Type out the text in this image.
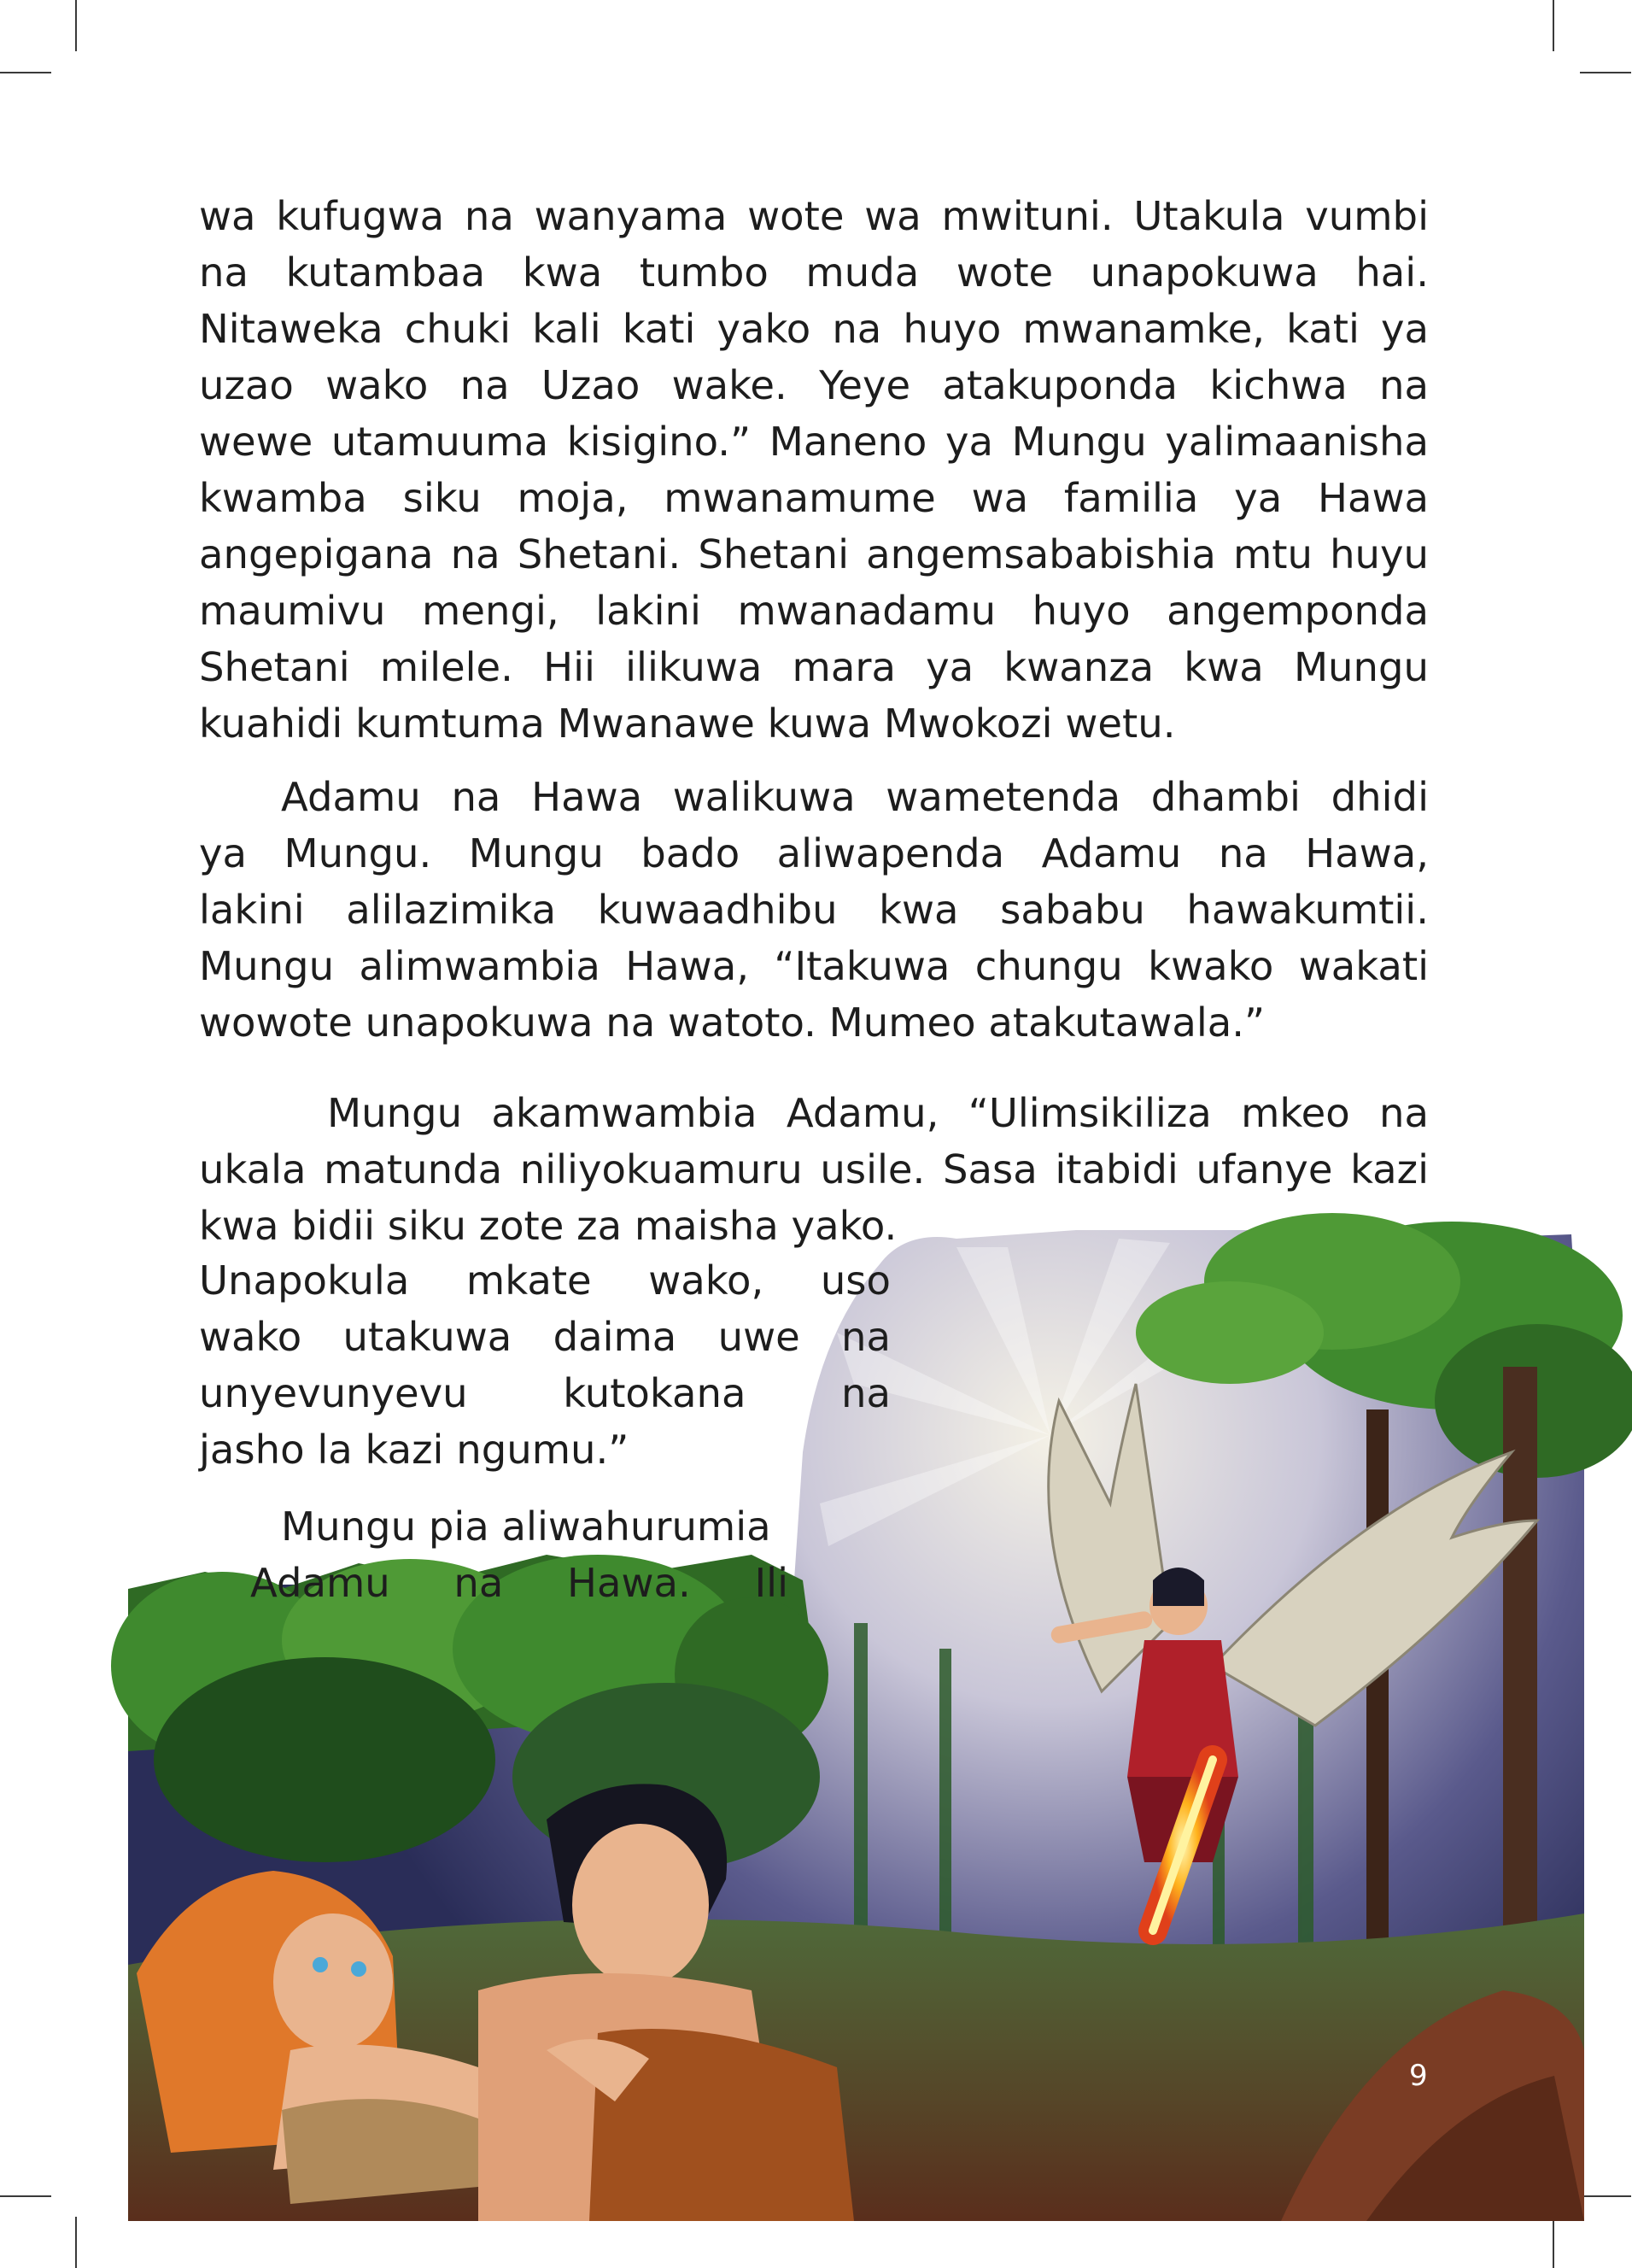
wa kufugwa na wanyama wote wa mwituni. Utakula vumbi
na kutambaa kwa tumbo muda wote unapokuwa hai.
Nitaweka chuki kali kati yako na huyo mwanamke, kati ya
uzao wako na Uzao wake. Yeye atakuponda kichwa na
wewe utamuuma kisigino.” Maneno ya Mungu yalimaanisha
kwamba siku moja, mwanamume wa familia ya Hawa
angepigana na Shetani. Shetani angemsababishia mtu huyu
maumivu mengi, lakini mwanadamu huyo angemponda
Shetani milele. Hii ilikuwa mara ya kwanza kwa Mungu
kuahidi kumtuma Mwanawe kuwa Mwokozi wetu.
Adamu na Hawa walikuwa wametenda dhambi dhidi
ya Mungu. Mungu bado aliwapenda Adamu na Hawa,
lakini alilazimika kuwaadhibu kwa sababu hawakumtii.
Mungu alimwambia Hawa, “Itakuwa chungu kwako wakati
wowote unapokuwa na watoto. Mumeo atakutawala.”
Mungu akamwambia Adamu, “Ulimsikiliza mkeo na
ukala matunda niliyokuamuru usile. Sasa itabidi ufanye kazi
kwa bidii siku zote za maisha yako.
Unapokula mkate wako, uso
wako utakuwa daima uwe na
unyevunyevu kutokana na
jasho la kazi ngumu.”
Mungu pia aliwahurumia
Adamu na Hawa. Ili
9
